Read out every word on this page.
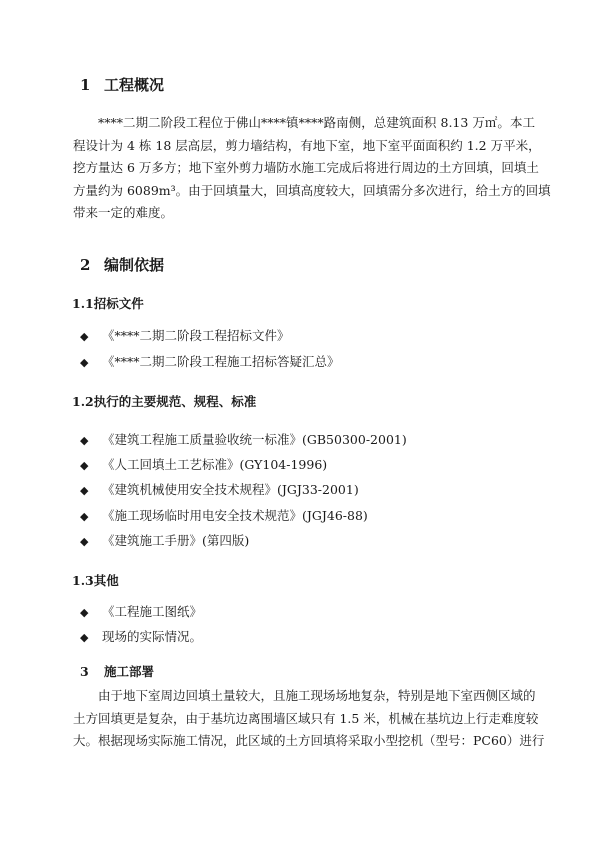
1 工程概况
****二期二阶段工程位于佛山****镇****路南侧，总建筑面积 8.13 万㎡。本工
程设计为 4 栋 18 层高层，剪力墙结构，有地下室，地下室平面面积约 1.2 万平米，
挖方量达 6 万多方；地下室外剪力墙防水施工完成后将进行周边的土方回填，回填土
方量约为 6089m³。由于回填量大，回填高度较大，回填需分多次进行，给土方的回填
带来一定的难度。
2 编制依据
1.1招标文件
◆ 《****二期二阶段工程招标文件》
◆ 《****二期二阶段工程施工招标答疑汇总》
1.2执行的主要规范、规程、标准
◆ 《建筑工程施工质量验收统一标准》(GB50300-2001)
◆ 《人工回填土工艺标准》(GY104-1996)
◆ 《建筑机械使用安全技术规程》(JGJ33-2001)
◆ 《施工现场临时用电安全技术规范》(JGJ46-88)
◆ 《建筑施工手册》(第四版)
1.3其他
◆ 《工程施工图纸》
◆ 现场的实际情况。
3 施工部署
由于地下室周边回填土量较大，且施工现场场地复杂，特别是地下室西侧区域的
土方回填更是复杂，由于基坑边离围墙区域只有 1.5 米，机械在基坑边上行走难度较
大。根据现场实际施工情况，此区域的土方回填将采取小型挖机（型号：PC60）进行
